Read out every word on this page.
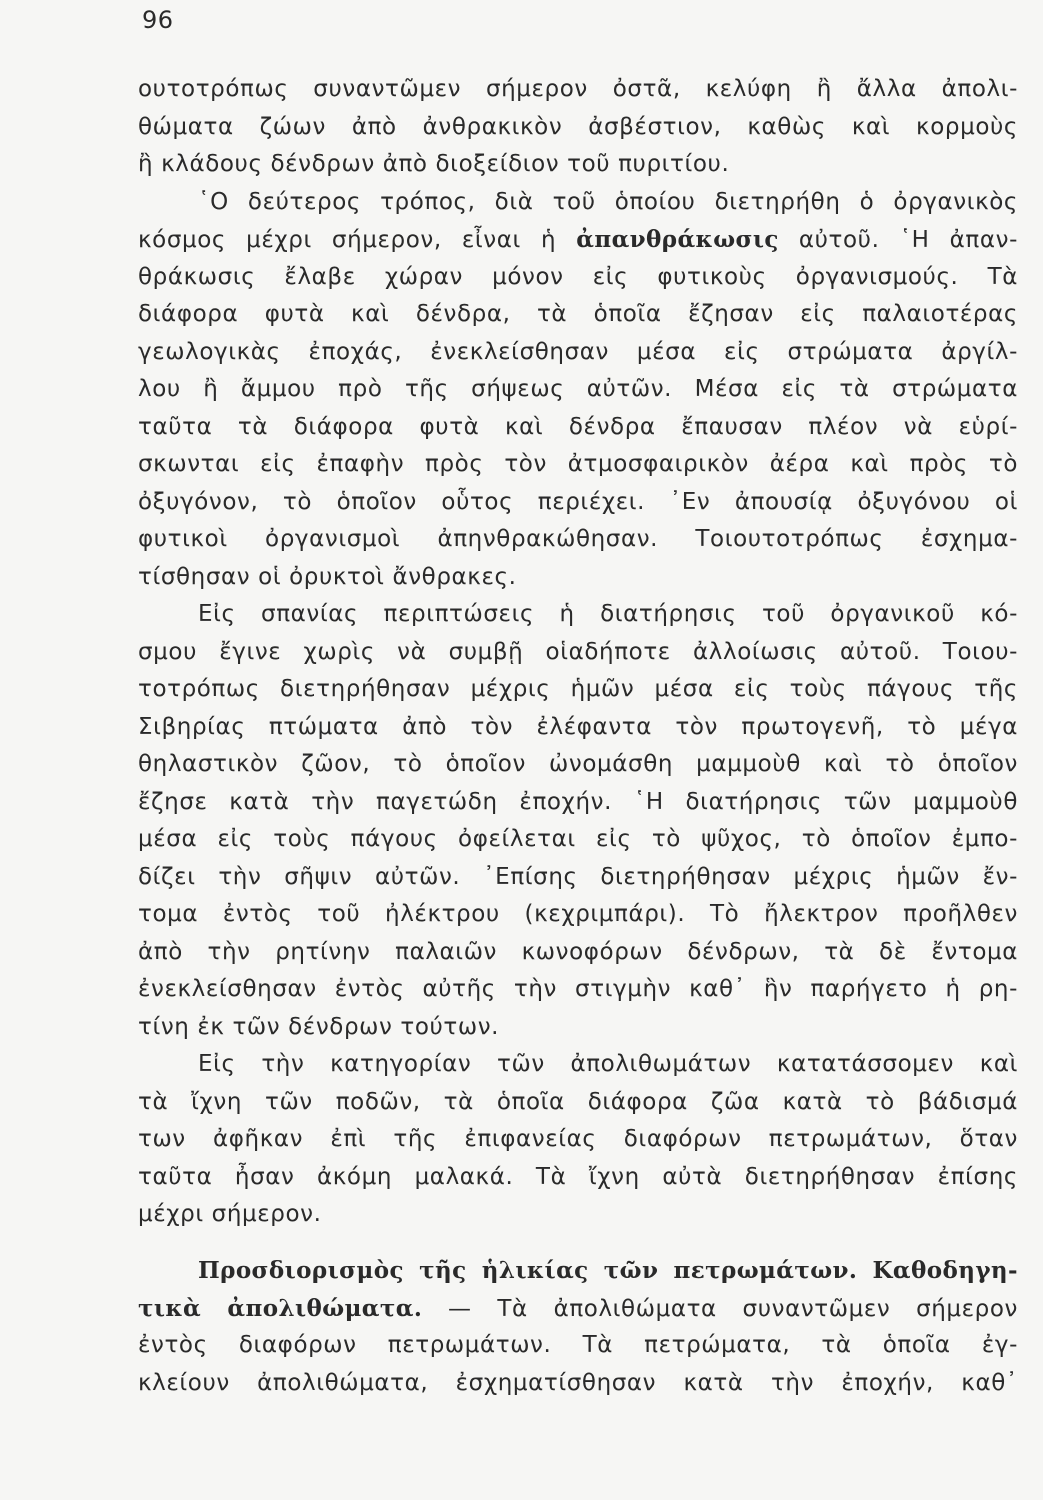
96
ουτοτρόπως συναντῶμεν σήμερον ὀστᾶ, κελύφη ἢ ἄλλα ἀπολι-
θώματα ζώων ἀπὸ ἀνθρακικὸν ἀσβέστιον, καθὼς καὶ κορμοὺς
ἢ κλάδους δένδρων ἀπὸ διοξείδιον τοῦ πυριτίου.
῾Ο δεύτερος τρόπος, διὰ τοῦ ὁποίου διετηρήθη ὁ ὀργανικὸς
κόσμος μέχρι σήμερον, εἶναι ἡ ἀπανθράκωσις αὐτοῦ. ῾Η ἀπαν-
θράκωσις ἔλαβε χώραν μόνον εἰς φυτικοὺς ὀργανισμούς. Τὰ
διάφορα φυτὰ καὶ δένδρα, τὰ ὁποῖα ἔζησαν εἰς παλαιοτέρας
γεωλογικὰς ἐποχάς, ἐνεκλείσθησαν μέσα εἰς στρώματα ἀργίλ-
λου ἢ ἄμμου πρὸ τῆς σήψεως αὐτῶν. Μέσα εἰς τὰ στρώματα
ταῦτα τὰ διάφορα φυτὰ καὶ δένδρα ἔπαυσαν πλέον νὰ εὑρί-
σκωνται εἰς ἐπαφὴν πρὸς τὸν ἀτμοσφαιρικὸν ἀέρα καὶ πρὸς τὸ
ὀξυγόνον, τὸ ὁποῖον οὗτος περιέχει. ᾿Εν ἀπουσίᾳ ὀξυγόνου οἱ
φυτικοὶ ὀργανισμοὶ ἀπηνθρακώθησαν. Τοιουτοτρόπως ἐσχημα-
τίσθησαν οἱ ὀρυκτοὶ ἄνθρακες.
Εἰς σπανίας περιπτώσεις ἡ διατήρησις τοῦ ὀργανικοῦ κό-
σμου ἔγινε χωρὶς νὰ συμβῇ οἱαδήποτε ἀλλοίωσις αὐτοῦ. Τοιου-
τοτρόπως διετηρήθησαν μέχρις ἡμῶν μέσα εἰς τοὺς πάγους τῆς
Σιβηρίας πτώματα ἀπὸ τὸν ἐλέφαντα τὸν πρωτογενῆ, τὸ μέγα
θηλαστικὸν ζῶον, τὸ ὁποῖον ὠνομάσθη μαμμοὺθ καὶ τὸ ὁποῖον
ἔζησε κατὰ τὴν παγετώδη ἐποχήν. ῾Η διατήρησις τῶν μαμμοὺθ
μέσα εἰς τοὺς πάγους ὀφείλεται εἰς τὸ ψῦχος, τὸ ὁποῖον ἐμπο-
δίζει τὴν σῆψιν αὐτῶν. ᾿Επίσης διετηρήθησαν μέχρις ἡμῶν ἔν-
τομα ἐντὸς τοῦ ἠλέκτρου (κεχριμπάρι). Τὸ ἤλεκτρον προῆλθεν
ἀπὸ τὴν ρητίνην παλαιῶν κωνοφόρων δένδρων, τὰ δὲ ἔντομα
ἐνεκλείσθησαν ἐντὸς αὐτῆς τὴν στιγμὴν καθ᾿ ἣν παρήγετο ἡ ρη-
τίνη ἐκ τῶν δένδρων τούτων.
Εἰς τὴν κατηγορίαν τῶν ἀπολιθωμάτων κατατάσσομεν καὶ
τὰ ἴχνη τῶν ποδῶν, τὰ ὁποῖα διάφορα ζῶα κατὰ τὸ βάδισμά
των ἀφῆκαν ἐπὶ τῆς ἐπιφανείας διαφόρων πετρωμάτων, ὅταν
ταῦτα ἦσαν ἀκόμη μαλακά. Τὰ ἴχνη αὐτὰ διετηρήθησαν ἐπίσης
μέχρι σήμερον.
Προσδιορισμὸς τῆς ἡλικίας τῶν πετρωμάτων. Καθοδηγη-
τικὰ ἀπολιθώματα. — Τὰ ἀπολιθώματα συναντῶμεν σήμερον
ἐντὸς διαφόρων πετρωμάτων. Τὰ πετρώματα, τὰ ὁποῖα ἐγ-
κλείουν ἀπολιθώματα, ἐσχηματίσθησαν κατὰ τὴν ἐποχήν, καθ᾿
